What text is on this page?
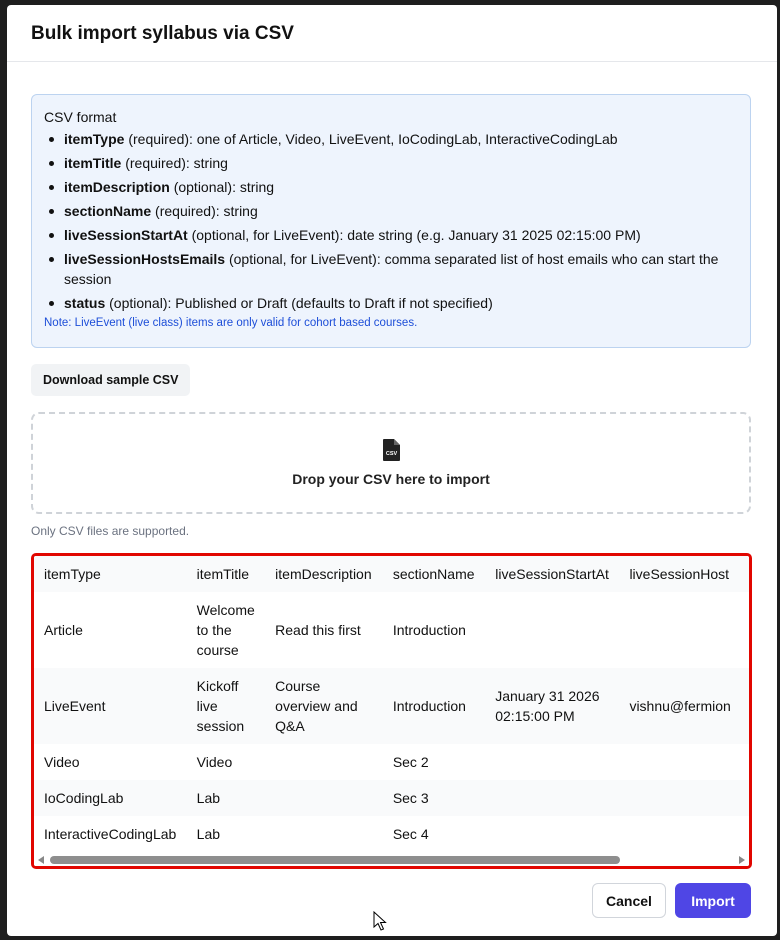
Bulk import syllabus via CSV
CSV format
itemType (required): one of Article, Video, LiveEvent, IoCodingLab, InteractiveCodingLab
itemTitle (required): string
itemDescription (optional): string
sectionName (required): string
liveSessionStartAt (optional, for LiveEvent): date string (e.g. January 31 2025 02:15:00 PM)
liveSessionHostsEmails (optional, for LiveEvent): comma separated list of host emails who can start the session
status (optional): Published or Draft (defaults to Draft if not specified)
Note: LiveEvent (live class) items are only valid for cohort based courses.
Download sample CSV
CSV
Drop your CSV here to import
Only CSV files are supported.
itemType	itemTitle	itemDescription	sectionName	liveSessionStartAt	liveSessionHost
Article	Welcome to the course	Read this first	Introduction		
LiveEvent	Kickoff live session	Course overview and Q&A	Introduction	January 31 2026 02:15:00 PM	vishnu@fermion
Video	Video		Sec 2		
IoCodingLab	Lab		Sec 3		
InteractiveCodingLab	Lab		Sec 4		
Cancel	Import
